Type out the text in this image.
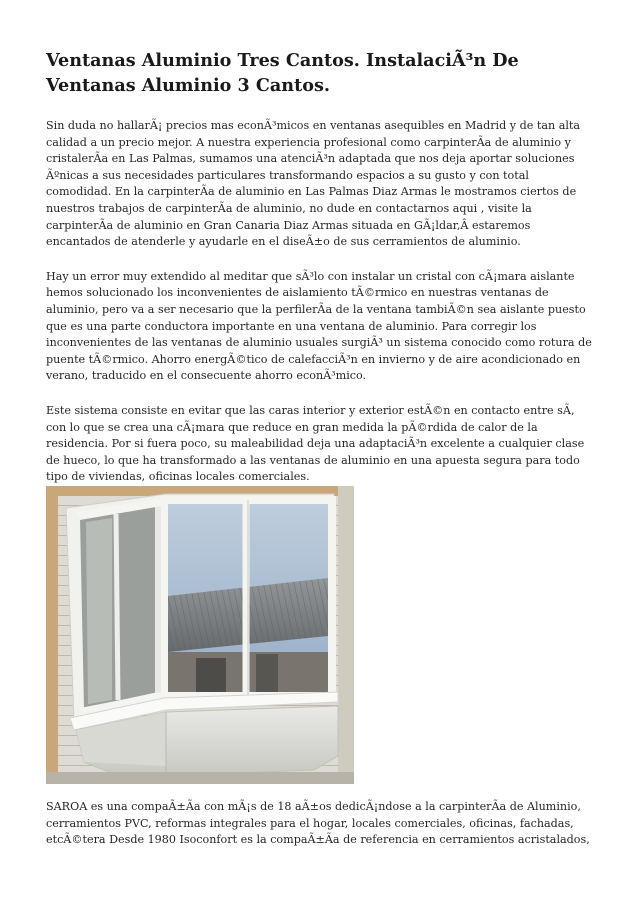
Ventanas Aluminio Tres Cantos. InstalaciÃ³n De Ventanas Aluminio 3 Cantos.

Sin duda no hallarÃ¡ precios mas econÃ³micos en ventanas asequibles en Madrid y de tan alta calidad a un precio mejor. A nuestra experiencia profesional como carpinterÃa de aluminio y cristalerÃa en Las Palmas, sumamos una atenciÃ³n adaptada que nos deja aportar soluciones Ãºnicas a sus necesidades particulares transformando espacios a su gusto y con total comodidad. En la carpinterÃa de aluminio en Las Palmas Diaz Armas le mostramos ciertos de nuestros trabajos de carpinterÃa de aluminio, no dude en contactarnos aqui , visite la carpinterÃa de aluminio en Gran Canaria Diaz Armas situada en GÃ¡ldar,Â estaremos encantados de atenderle y ayudarle en el diseÃ±o de sus cerramientos de aluminio.

Hay un error muy extendido al meditar que sÃ³lo con instalar un cristal con cÃ¡mara aislante hemos solucionado los inconvenientes de aislamiento tÃ©rmico en nuestras ventanas de aluminio, pero va a ser necesario que la perfilerÃa de la ventana tambiÃ©n sea aislante puesto que es una parte conductora importante en una ventana de aluminio. Para corregir los inconvenientes de las ventanas de aluminio usuales surgiÃ³ un sistema conocido como rotura de puente tÃ©rmico. Ahorro energÃ©tico de calefacciÃ³n en invierno y de aire acondicionado en verano, traducido en el consecuente ahorro econÃ³mico.

Este sistema consiste en evitar que las caras interior y exterior estÃ©n en contacto entre sÃ, con lo que se crea una cÃ¡mara que reduce en gran medida la pÃ©rdida de calor de la residencia. Por si fuera poco, su maleabilidad deja una adaptaciÃ³n excelente a cualquier clase de hueco, lo que ha transformado a las ventanas de aluminio en una apuesta segura para todo tipo de viviendas, oficinas locales comerciales.

SAROA es una compaÃ±Ãa con mÃ¡s de 18 aÃ±os dedicÃ¡ndose a la carpinterÃa de Aluminio, cerramientos PVC, reformas integrales para el hogar, locales comerciales, oficinas, fachadas, etcÃ©tera Desde 1980 Isoconfort es la compaÃ±Ãa de referencia en cerramientos acristalados,
